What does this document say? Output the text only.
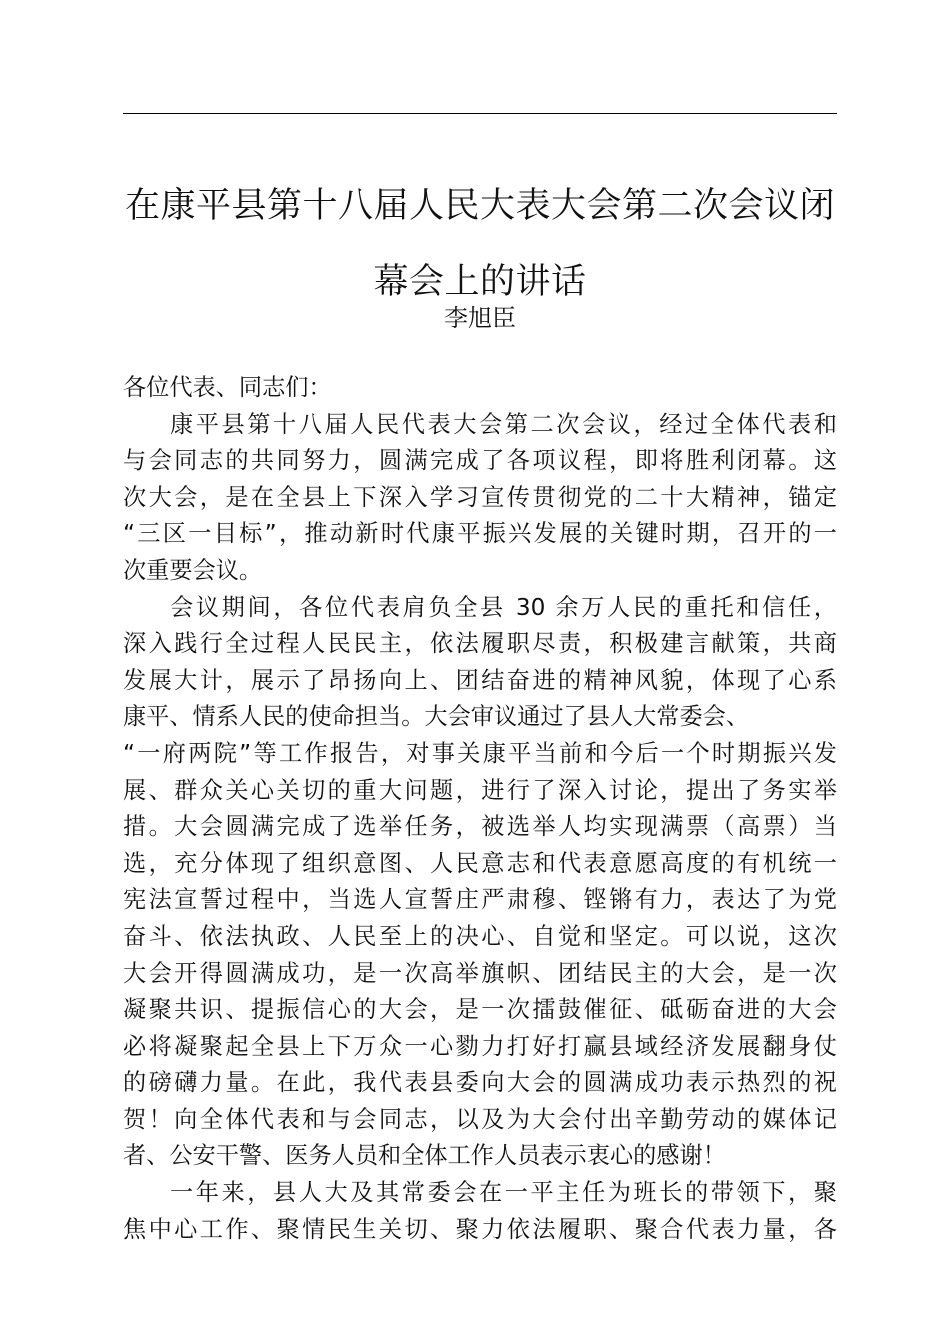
在康平县第十八届人民大表大会第二次会议闭
幕会上的讲话
李旭臣
各位代表、同志们：
康平县第十八届人民代表大会第二次会议，经过全体代表和
与会同志的共同努力，圆满完成了各项议程，即将胜利闭幕。这
次大会，是在全县上下深入学习宣传贯彻党的二十大精神，锚定
“三区一目标”，推动新时代康平振兴发展的关键时期，召开的一
次重要会议。
会议期间，各位代表肩负全县 30 余万人民的重托和信任，
深入践行全过程人民民主，依法履职尽责，积极建言献策，共商
发展大计，展示了昂扬向上、团结奋进的精神风貌，体现了心系
康平、情系人民的使命担当。大会审议通过了县人大常委会、
“一府两院”等工作报告，对事关康平当前和今后一个时期振兴发
展、群众关心关切的重大问题，进行了深入讨论，提出了务实举
措。大会圆满完成了选举任务，被选举人均实现满票（高票）当
选，充分体现了组织意图、人民意志和代表意愿高度的有机统一
宪法宣誓过程中，当选人宣誓庄严肃穆、铿锵有力，表达了为党
奋斗、依法执政、人民至上的决心、自觉和坚定。可以说，这次
大会开得圆满成功，是一次高举旗帜、团结民主的大会，是一次
凝聚共识、提振信心的大会，是一次擂鼓催征、砥砺奋进的大会
必将凝聚起全县上下万众一心勠力打好打赢县域经济发展翻身仗
的磅礴力量。在此，我代表县委向大会的圆满成功表示热烈的祝
贺！向全体代表和与会同志，以及为大会付出辛勤劳动的媒体记
者、公安干警、医务人员和全体工作人员表示衷心的感谢！
一年来，县人大及其常委会在一平主任为班长的带领下，聚
焦中心工作、聚情民生关切、聚力依法履职、聚合代表力量，各
